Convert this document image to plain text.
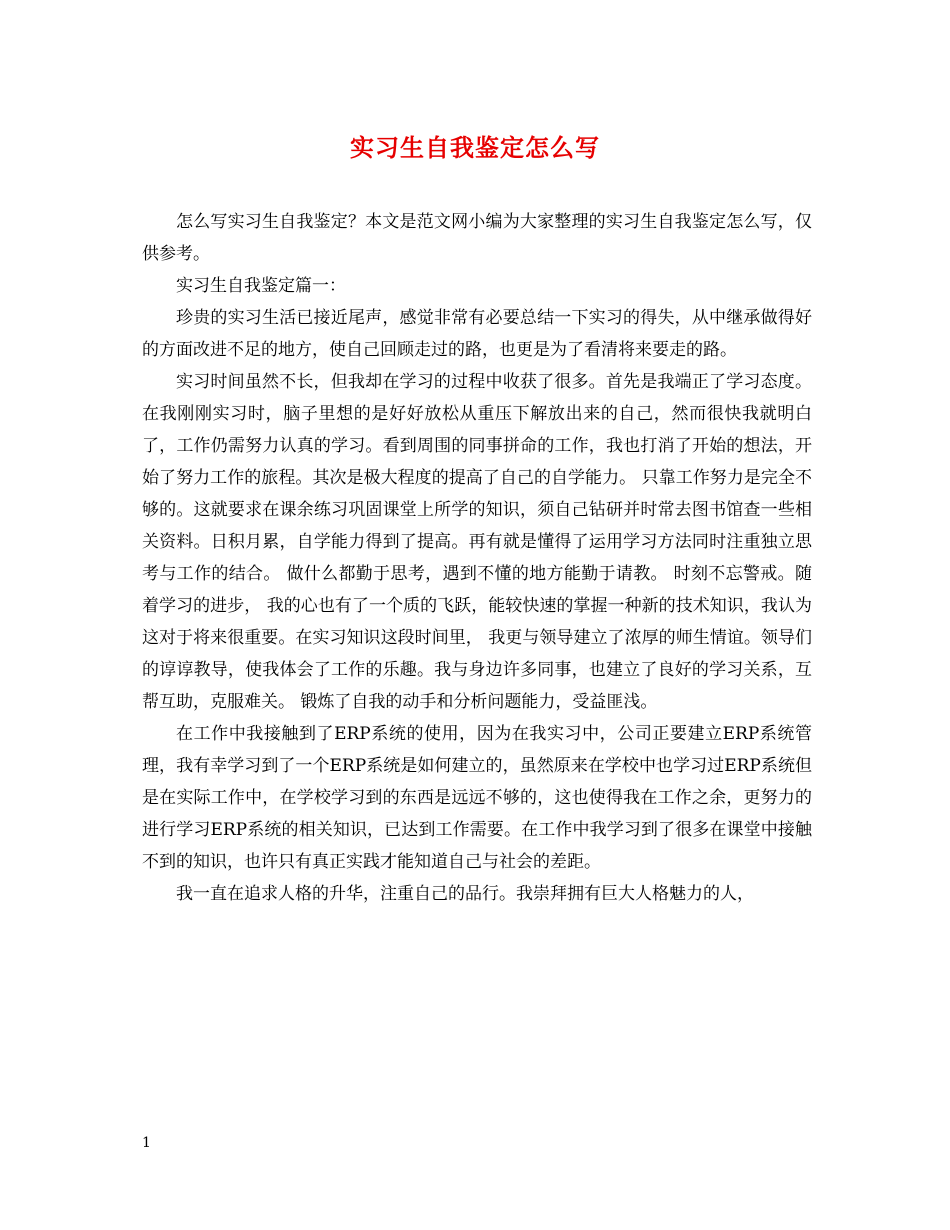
实习生自我鉴定怎么写

怎么写实习生自我鉴定？本文是范文网小编为大家整理的实习生自我鉴定怎么写，仅供参考。

实习生自我鉴定篇一：

珍贵的实习生活已接近尾声，感觉非常有必要总结一下实习的得失，从中继承做得好的方面改进不足的地方，使自己回顾走过的路，也更是为了看清将来要走的路。

实习时间虽然不长，但我却在学习的过程中收获了很多。首先是我端正了学习态度。 在我刚刚实习时，脑子里想的是好好放松从重压下解放出来的自己，然而很快我就明白了，工作仍需努力认真的学习。看到周围的同事拼命的工作，我也打消了开始的想法，开始了努力工作的旅程。其次是极大程度的提高了自己的自学能力。 只靠工作努力是完全不够的。这就要求在课余练习巩固课堂上所学的知识，须自己钻研并时常去图书馆查一些相关资料。日积月累，自学能力得到了提高。再有就是懂得了运用学习方法同时注重独立思考与工作的结合。 做什么都勤于思考，遇到不懂的地方能勤于请教。 时刻不忘警戒。随着学习的进步， 我的心也有了一个质的飞跃，能较快速的掌握一种新的技术知识，我认为这对于将来很重要。在实习知识这段时间里， 我更与领导建立了浓厚的师生情谊。领导们的谆谆教导，使我体会了工作的乐趣。我与身边许多同事，也建立了良好的学习关系，互帮互助，克服难关。 锻炼了自我的动手和分析问题能力，受益匪浅。

在工作中我接触到了ERP系统的使用，因为在我实习中，公司正要建立ERP系统管理，我有幸学习到了一个ERP系统是如何建立的，虽然原来在学校中也学习过ERP系统但是在实际工作中，在学校学习到的东西是远远不够的，这也使得我在工作之余，更努力的进行学习ERP系统的相关知识，已达到工作需要。在工作中我学习到了很多在课堂中接触不到的知识，也许只有真正实践才能知道自己与社会的差距。

我一直在追求人格的升华，注重自己的品行。我崇拜拥有巨大人格魅力的人，

1
